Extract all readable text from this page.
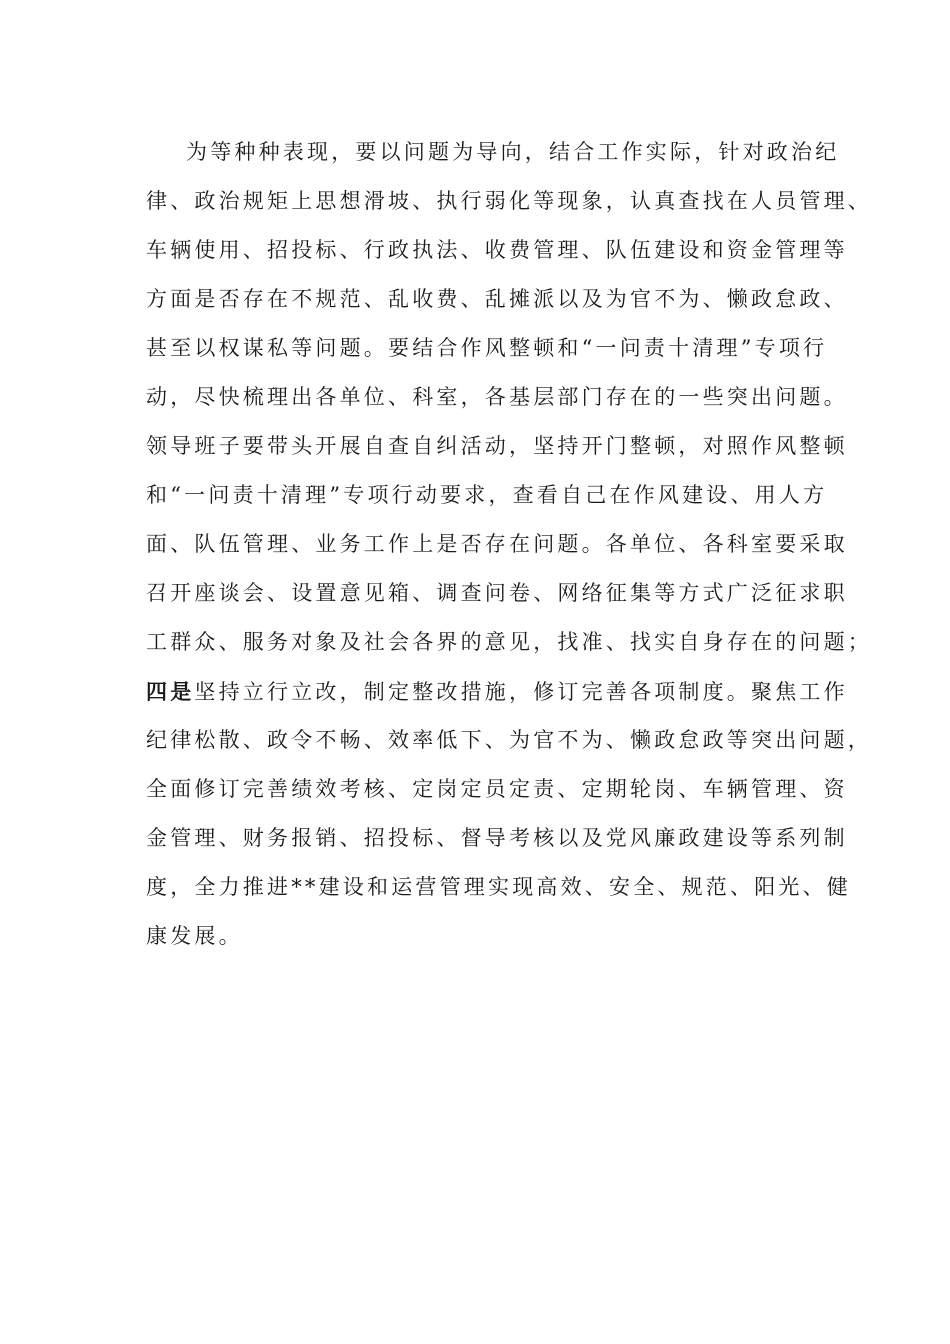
为等种种表现，要以问题为导向，结合工作实际，针对政治纪
律、政治规矩上思想滑坡、执行弱化等现象，认真查找在人员管理、
车辆使用、招投标、行政执法、收费管理、队伍建设和资金管理等
方面是否存在不规范、乱收费、乱摊派以及为官不为、懒政怠政、
甚至以权谋私等问题。要结合作风整顿和“一问责十清理”专项行
动，尽快梳理出各单位、科室，各基层部门存在的一些突出问题。
领导班子要带头开展自查自纠活动，坚持开门整顿，对照作风整顿
和“一问责十清理”专项行动要求，查看自己在作风建设、用人方
面、队伍管理、业务工作上是否存在问题。各单位、各科室要采取
召开座谈会、设置意见箱、调查问卷、网络征集等方式广泛征求职
工群众、服务对象及社会各界的意见，找准、找实自身存在的问题；
四是坚持立行立改，制定整改措施，修订完善各项制度。聚焦工作
纪律松散、政令不畅、效率低下、为官不为、懒政怠政等突出问题，
全面修订完善绩效考核、定岗定员定责、定期轮岗、车辆管理、资
金管理、财务报销、招投标、督导考核以及党风廉政建设等系列制
度，全力推进**建设和运营管理实现高效、安全、规范、阳光、健
康发展。
